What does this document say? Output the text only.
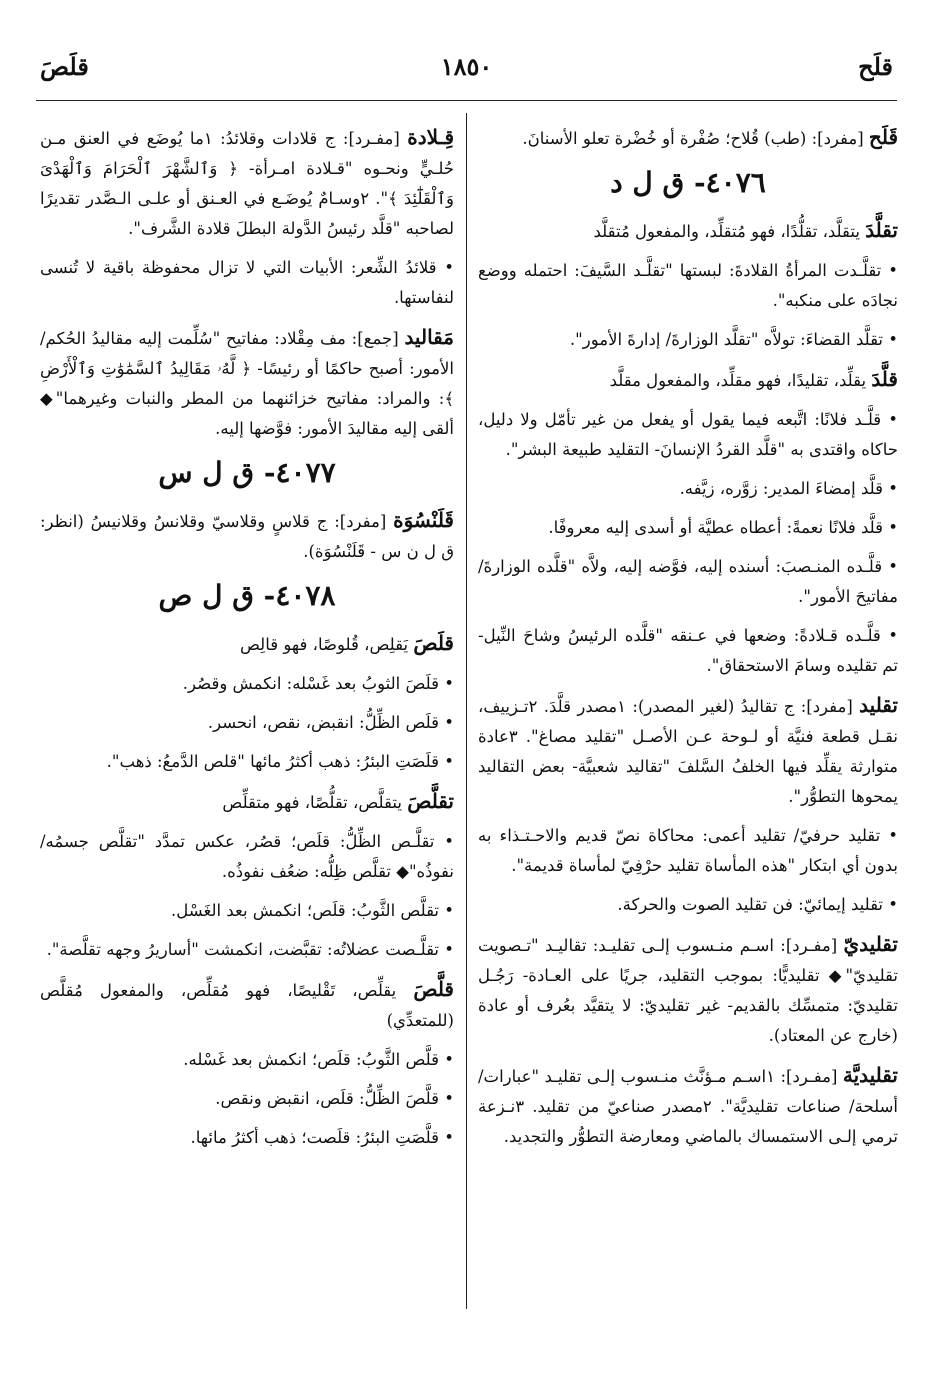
قلَح
١٨٥٠
قلَصَ

قَلَح [مفرد]: (طب) قُلاح؛ صُفْرة أو خُضْرة تعلو الأسنانَ.

٤٠٧٦- ق ل د

تقلَّدَ يتقلَّد، تقلُّدًا، فهو مُتقلِّد، والمفعول مُتقلَّد

• تقلَّـدت المرأةُ القلادةَ: لبستها "تقلَّـد السَّيفَ: احتمله ووضع نجادَه على منكبه".

• تقلَّد القضاءَ: تولاَّه "تقلَّد الوزارةَ/ إدارةَ الأمور".

قلَّدَ يقلِّد، تقليدًا، فهو مقلِّد، والمفعول مقلَّد

• قلَّـد فلانًا: اتَّبعه فيما يقول أو يفعل من غير تأمّل ولا دليل، حاكاه واقتدى به "قلَّد القردُ الإنسانَ- التقليد طبيعة البشر".

• قلَّد إمضاءَ المدير: زوَّره، زيَّفه.

• قلَّد فلانًا نعمةً: أعطاه عطيَّة أو أسدى إليه معروفًا.

• قلَّـده المنـصبَ: أسنده إليه، فوَّضه إليه، ولاَّه "قلَّده الوزارةَ/ مفاتيحَ الأمور".

• قلَّـده قـلادةً: وضعها في عـنقه "قلَّده الرئيسُ وشاحَ النِّيل- تم تقليده وسامَ الاستحقاق".

تقليد [مفرد]: ج تقاليدُ (لغير المصدر): ١مصدر قلَّدَ. ٢تـزييف، نقـل قطعة فنيَّة أو لـوحة عـن الأصـل "تقليد مصاغ". ٣عادة متوارثة يقلِّد فيها الخلفُ السَّلفَ "تقاليد شعبيَّة- بعض التقاليد يمحوها التطوُّر".

• تقليد حرفيّ/ تقليد أعمى: محاكاة نصّ قديم والاحـتـذاء به بدون أي ابتكار "هذه المأساة تقليد حرْفِيّ لمأساة قديمة".

• تقليد إيمائيّ: فن تقليد الصوت والحركة.

تقليديّ [مفـرد]: اسـم منـسوب إلـى تقليـد: تقاليـد "تـصويت تقليديّ"◆ تقليديًّا: بموجب التقليد، جريًا على العـادة- رَجُـل تقليديّ: متمسِّك بالقديم- غير تقليديّ: لا يتقيَّد بعُرف أو عادة (خارج عن المعتاد).

تقليديَّة [مفـرد]: ١اسـم مـؤنَّث منـسوب إلـى تقليـد "عبارات/ أسلحة/ صناعات تقليديَّة". ٢مصدر صناعيّ من تقليد. ٣نـزعة ترمي إلـى الاستمساك بالماضي ومعارضة التطوُّر والتجديد.

قِـلادة [مفـرد]: ج قلادات وقلائدُ: ١ما يُوضَع في العنق مـن حُلـيٍّ ونحـوه "قـلادة امـرأة- ﴿ وَٱلشَّهْرَ ٱلْحَرَامَ وَٱلْهَدْىَ وَٱلْقَلَٰٓئِدَ ﴾". ٢وسـامٌ يُوضَـع في العـنق أو علـى الـصَّدر تقديرًا لصاحبه "قلَّد رئيسُ الدَّولة البطلَ قلادة الشَّرف".

• قلائدُ الشِّعر: الأبيات التي لا تزال محفوظة باقية لا تُنسى لنفاستها.

مَقاليد [جمع]: مف مِقْلاد: مفاتيح "سُلِّمت إليه مقاليدُ الحُكم/ الأمور: أصبح حاكمًا أو رئيسًا- ﴿ لَّهُۥ مَقَالِيدُ ٱلسَّمَٰوَٰتِ وَٱلْأَرْضِ ﴾: والمراد: مفاتيح خزائنهما من المطر والنبات وغيرهما"◆ ألقى إليه مقاليدَ الأمور: فوَّضها إليه.

٤٠٧٧- ق ل س

قَلَنْسُوَة [مفرد]: ج قلاسٍ وقلاسيّ وقلانسُ وقلانيسُ (انظر: ق ل ن س - قَلَنْسُوَة).

٤٠٧٨- ق ل ص

قلَصَ يَقلِص، قُلوصًا، فهو قالِص

• قلَصَ الثوبُ بعد غَسْله: انكمش وقصُر.

• قلَص الظِّلُّ: انقبض، نقص، انحسر.

• قلَصَتِ البئرُ: ذهب أكثرُ مائها "قلص الدَّمعُ: ذهب".

تقلَّصَ يتقلَّص، تقلُّصًا، فهو متقلِّص

• تقلَّـص الظِّلُّ: قلَص؛ قصُر، عكس تمدَّد "تقلَّص جسمُه/ نفوذُه"◆ تقلَّص ظِلُّه: ضعُف نفوذُه.

• تقلَّص الثَّوبُ: قلَص؛ انكمش بعد الغَسْل.

• تقلَّـصت عضلاتُه: تقبَّضت، انكمشت "أساريرُ وجهه تقلَّصة".

قلَّصَ يقلِّص، تَقْليصًا، فهو مُقلِّص، والمفعول مُقلَّص (للمتعدِّي)

• قلَّص الثَّوبُ: قلَص؛ انكمش بعد غَسْله.

• قلَّصَ الظِّلُّ: قلَص، انقبض ونقص.

• قلَّصَتِ البئرُ: قلَصت؛ ذهب أكثرُ مائها.
